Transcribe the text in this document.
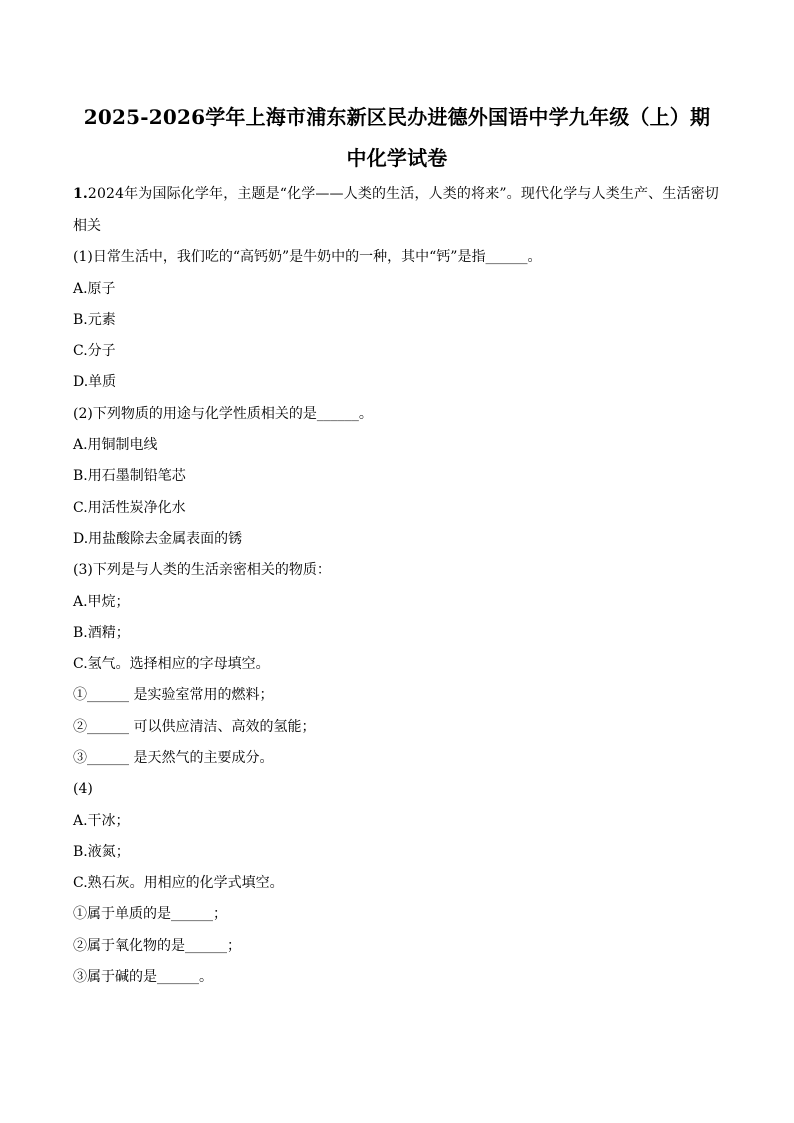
2025-2026学年上海市浦东新区民办进德外国语中学九年级（上）期
中化学试卷
1.2024年为国际化学年，主题是“化学——人类的生活，人类的将来”。现代化学与人类生产、生活密切
相关
(1)日常生活中，我们吃的“高钙奶”是牛奶中的一种，其中“钙”是指______。
A.原子
B.元素
C.分子
D.单质
(2)下列物质的用途与化学性质相关的是______。
A.用铜制电线
B.用石墨制铅笔芯
C.用活性炭净化水
D.用盐酸除去金属表面的锈
(3)下列是与人类的生活亲密相关的物质：
A.甲烷；
B.酒精；
C.氢气。选择相应的字母填空。
①______ 是实验室常用的燃料；
②______ 可以供应清洁、高效的氢能；
③______ 是天然气的主要成分。
(4)
A.干冰；
B.液氮；
C.熟石灰。用相应的化学式填空。
①属于单质的是______；
②属于氧化物的是______；
③属于碱的是______。
